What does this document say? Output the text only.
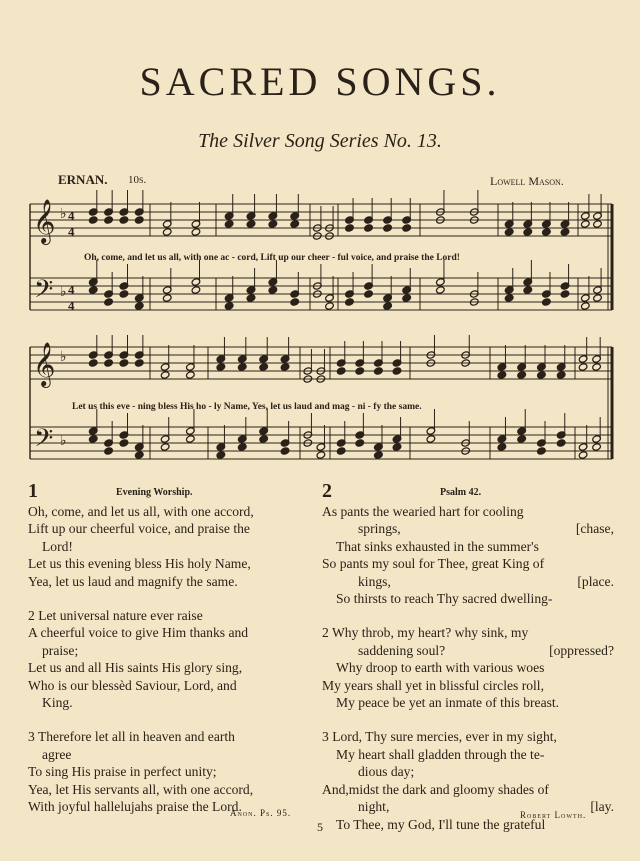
SACRED SONGS.
The Silver Song Series No. 13.
ERNAN. 10s.	Lowell Mason.
𝄞
𝄢
♭
♭
4
4
4
4
Oh, come, and let us all, with one ac - cord, Lift up our cheer - ful voice, and praise the Lord!
𝄞
𝄢
♭
♭
Let us this eve - ning bless His ho - ly Name, Yes, let us laud and mag - ni - fy the same.
1	Evening Worship.
Oh, come, and let us all, with one accord,
Lift up our cheerful voice, and praise the
Lord!
Let us this evening bless His holy Name,
Yea, let us laud and magnify the same.
2 Let universal nature ever raise
A cheerful voice to give Him thanks and
praise;
Let us and all His saints His glory sing,
Who is our blessèd Saviour, Lord, and
King.
3 Therefore let all in heaven and earth
agree
To sing His praise in perfect unity;
Yea, let His servants all, with one accord,
With joyful hallelujahs praise the Lord.
Anon. Ps. 95.
2	Psalm 42.
As pants the wearied hart for cooling
springs,	[chase,
That sinks exhausted in the summer's
So pants my soul for Thee, great King of
kings,	[place.
So thirsts to reach Thy sacred dwelling-
2 Why throb, my heart? why sink, my
saddening soul?	[oppressed?
Why droop to earth with various woes
My years shall yet in blissful circles roll,
My peace be yet an inmate of this breast.
3 Lord, Thy sure mercies, ever in my sight,
My heart shall gladden through the te-
dious day;
And,midst the dark and gloomy shades of
night,	[lay.
To Thee, my God, I'll tune the grateful
Robert Lowth.
5
